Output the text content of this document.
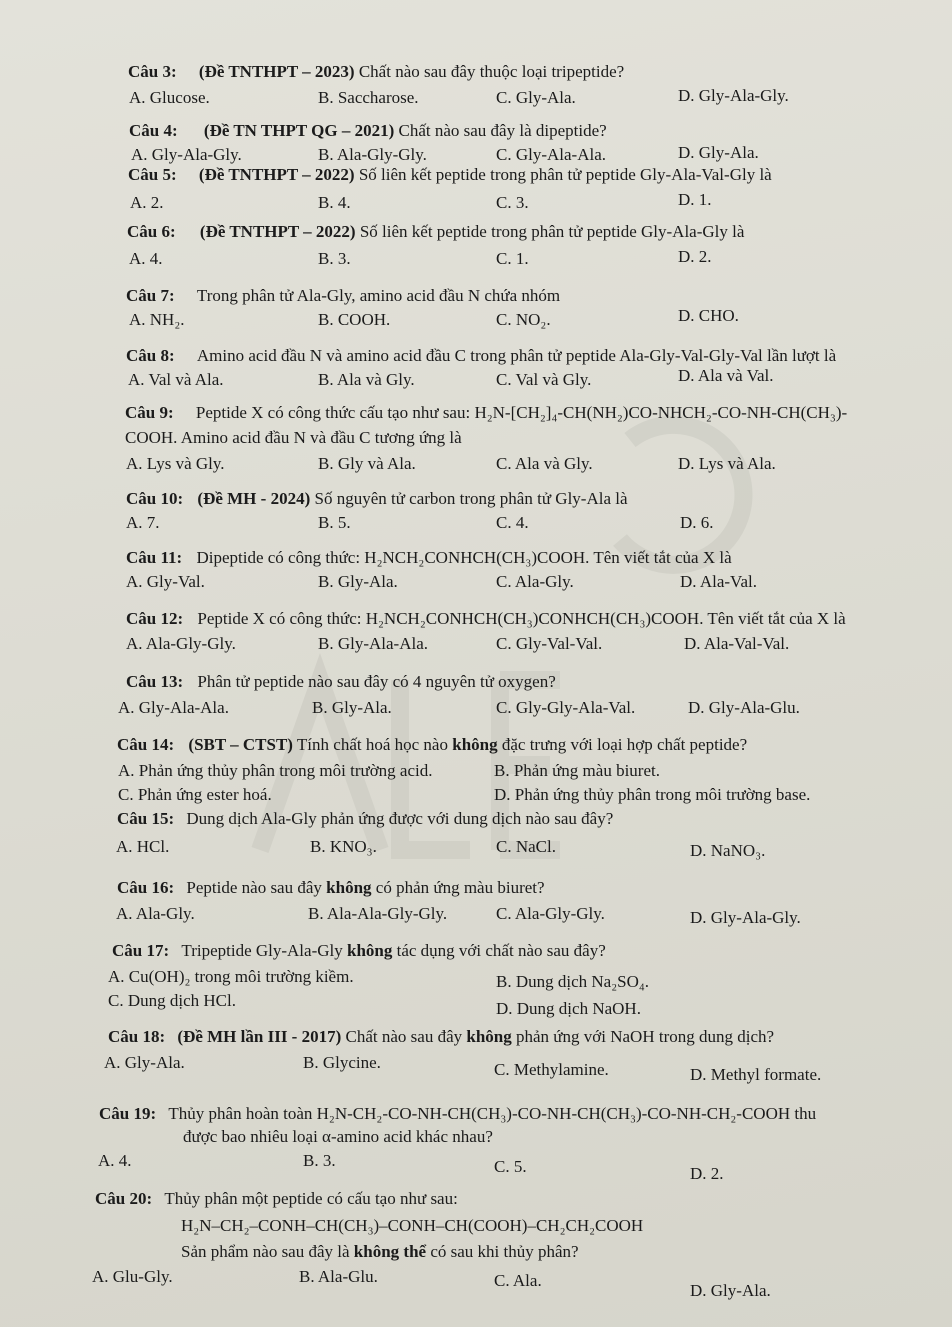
Câu 3: (Đề TNTHPT – 2023) Chất nào sau đây thuộc loại tripeptide?
A. Glucose.	B. Saccharose.	C. Gly-Ala.	D. Gly-Ala-Gly.
Câu 4: (Đề TN THPT QG – 2021) Chất nào sau đây là dipeptide?
A. Gly-Ala-Gly.	B. Ala-Gly-Gly.	C. Gly-Ala-Ala.	D. Gly-Ala.
Câu 5: (Đề TNTHPT – 2022) Số liên kết peptide trong phân tử peptide Gly-Ala-Val-Gly là
A. 2.	B. 4.	C. 3.	D. 1.
Câu 6: (Đề TNTHPT – 2022) Số liên kết peptide trong phân tử peptide Gly-Ala-Gly là
A. 4.	B. 3.	C. 1.	D. 2.
Câu 7: Trong phân tử Ala-Gly, amino acid đầu N chứa nhóm
A. NH₂.	B. COOH.	C. NO₂.	D. CHO.
Câu 8: Amino acid đầu N và amino acid đầu C trong phân tử peptide Ala-Gly-Val-Gly-Val lần lượt là
A. Val và Ala.	B. Ala và Gly.	C. Val và Gly.	D. Ala và Val.
Câu 9: Peptide X có công thức cấu tạo như sau: H₂N-[CH₂]₄-CH(NH₂)CO-NHCH₂-CO-NH-CH(CH₃)-
COOH. Amino acid đầu N và đầu C tương ứng là
A. Lys và Gly.	B. Gly và Ala.	C. Ala và Gly.	D. Lys và Ala.
Câu 10: (Đề MH - 2024) Số nguyên tử carbon trong phân tử Gly-Ala là
A. 7.	B. 5.	C. 4.	D. 6.
Câu 11: Dipeptide có công thức: H₂NCH₂CONHCH(CH₃)COOH. Tên viết tắt của X là
A. Gly-Val.	B. Gly-Ala.	C. Ala-Gly.	D. Ala-Val.
Câu 12: Peptide X có công thức: H₂NCH₂CONHCH(CH₃)CONHCH(CH₃)COOH. Tên viết tắt của X là
A. Ala-Gly-Gly.	B. Gly-Ala-Ala.	C. Gly-Val-Val.	D. Ala-Val-Val.
Câu 13: Phân tử peptide nào sau đây có 4 nguyên tử oxygen?
A. Gly-Ala-Ala.	B. Gly-Ala.	C. Gly-Gly-Ala-Val.	D. Gly-Ala-Glu.
Câu 14: (SBT – CTST) Tính chất hoá học nào không đặc trưng với loại hợp chất peptide?
A. Phản ứng thủy phân trong môi trường acid.	B. Phản ứng màu biuret.
C. Phản ứng ester hoá.	D. Phản ứng thủy phân trong môi trường base.
Câu 15: Dung dịch Ala-Gly phản ứng được với dung dịch nào sau đây?
A. HCl.	B. KNO₃.	C. NaCl.	D. NaNO₃.
Câu 16: Peptide nào sau đây không có phản ứng màu biuret?
A. Ala-Gly.	B. Ala-Ala-Gly-Gly.	C. Ala-Gly-Gly.	D. Gly-Ala-Gly.
Câu 17: Tripeptide Gly-Ala-Gly không tác dụng với chất nào sau đây?
A. Cu(OH)₂ trong môi trường kiềm.	B. Dung dịch Na₂SO₄.
C. Dung dịch HCl.	D. Dung dịch NaOH.
Câu 18: (Đề MH lần III - 2017) Chất nào sau đây không phản ứng với NaOH trong dung dịch?
A. Gly-Ala.	B. Glycine.	C. Methylamine.	D. Methyl formate.
Câu 19: Thủy phân hoàn toàn H₂N-CH₂-CO-NH-CH(CH₃)-CO-NH-CH(CH₃)-CO-NH-CH₂-COOH thu
được bao nhiêu loại α-amino acid khác nhau?
A. 4.	B. 3.	C. 5.	D. 2.
Câu 20: Thủy phân một peptide có cấu tạo như sau:
H₂N–CH₂–CONH–CH(CH₃)–CONH–CH(COOH)–CH₂CH₂COOH
Sản phẩm nào sau đây là không thể có sau khi thủy phân?
A. Glu-Gly.	B. Ala-Glu.	C. Ala.
D. Gly-Ala.
